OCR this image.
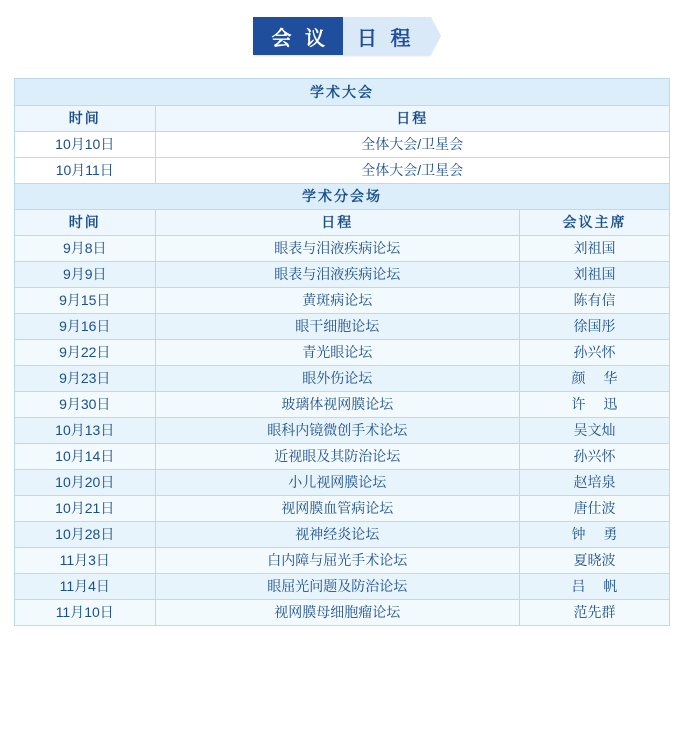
会 议	日 程
学术大会		
时间	日程	
10月10日	全体大会/卫星会	
10月11日	全体大会/卫星会	
学术分会场		
时间	日程	会议主席
9月8日	眼表与泪液疾病论坛	刘祖国
9月9日	眼表与泪液疾病论坛	刘祖国
9月15日	黄斑病论坛	陈有信
9月16日	眼干细胞论坛	徐国彤
9月22日	青光眼论坛	孙兴怀
9月23日	眼外伤论坛	颜　 华
9月30日	玻璃体视网膜论坛	许　 迅
10月13日	眼科内镜微创手术论坛	吴文灿
10月14日	近视眼及其防治论坛	孙兴怀
10月20日	小儿视网膜论坛	赵培泉
10月21日	视网膜血管病论坛	唐仕波
10月28日	视神经炎论坛	钟　 勇
11月3日	白内障与屈光手术论坛	夏晓波
11月4日	眼屈光问题及防治论坛	吕　 帆
11月10日	视网膜母细胞瘤论坛	范先群
